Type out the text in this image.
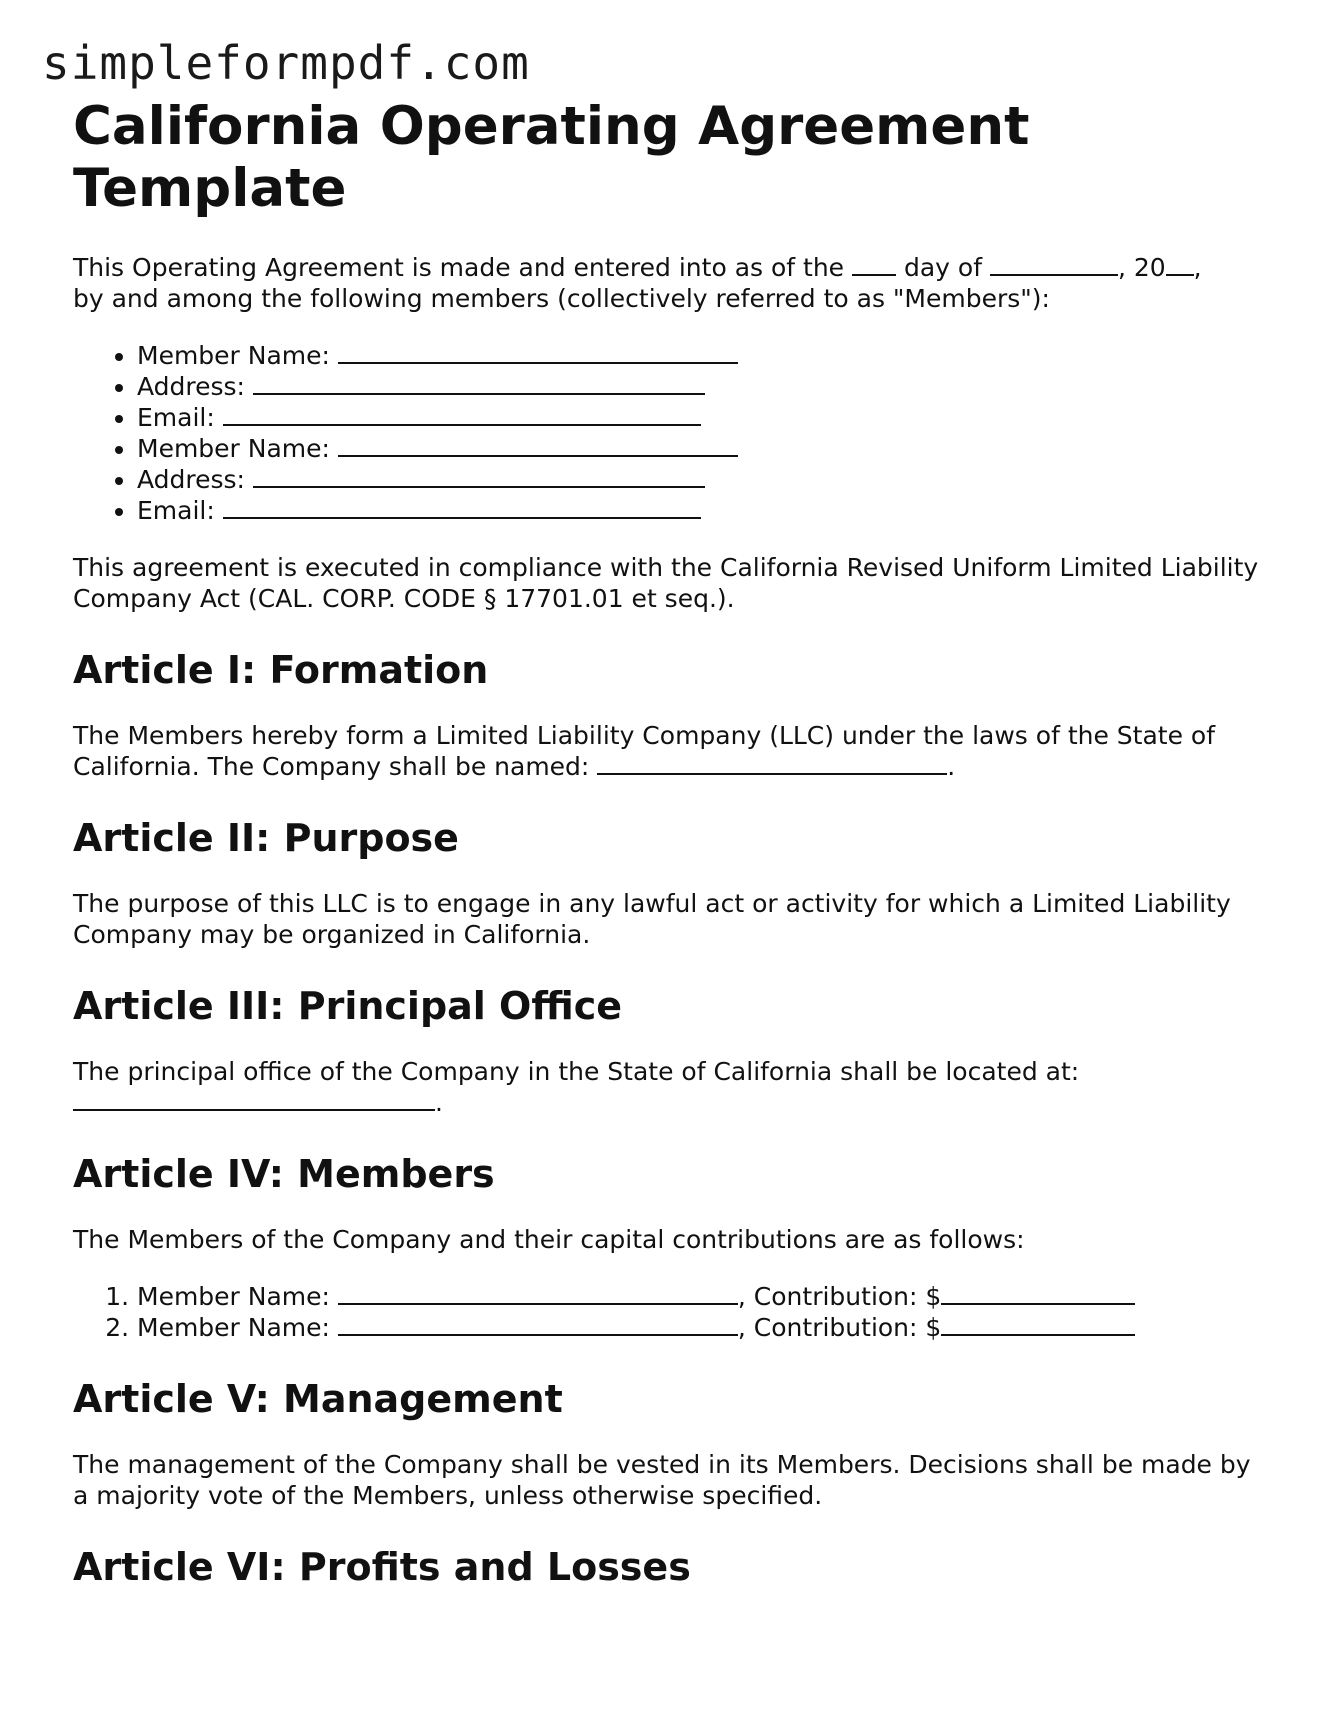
simpleformpdf.com
California Operating Agreement Template

This Operating Agreement is made and entered into as of the  day of	, 20 ,
by and among the following members (collectively referred to as "Members"):

• Member Name:
• Address:
• Email:
• Member Name:
• Address:
• Email:

This agreement is executed in compliance with the California Revised Uniform Limited Liability Company Act (CAL. CORP. CODE § 17701.01 et seq.).

Article I: Formation

The Members hereby form a Limited Liability Company (LLC) under the laws of the State of California. The Company shall be named:	.

Article II: Purpose

The purpose of this LLC is to engage in any lawful act or activity for which a Limited Liability Company may be organized in California.

Article III: Principal Office

The principal office of the Company in the State of California shall be located at:
.

Article IV: Members

The Members of the Company and their capital contributions are as follows:

1. Member Name:	, Contribution: $
2. Member Name:	, Contribution: $
Article V: Management

The management of the Company shall be vested in its Members. Decisions shall be made by a majority vote of the Members, unless otherwise specified.

Article VI: Profits and Losses
